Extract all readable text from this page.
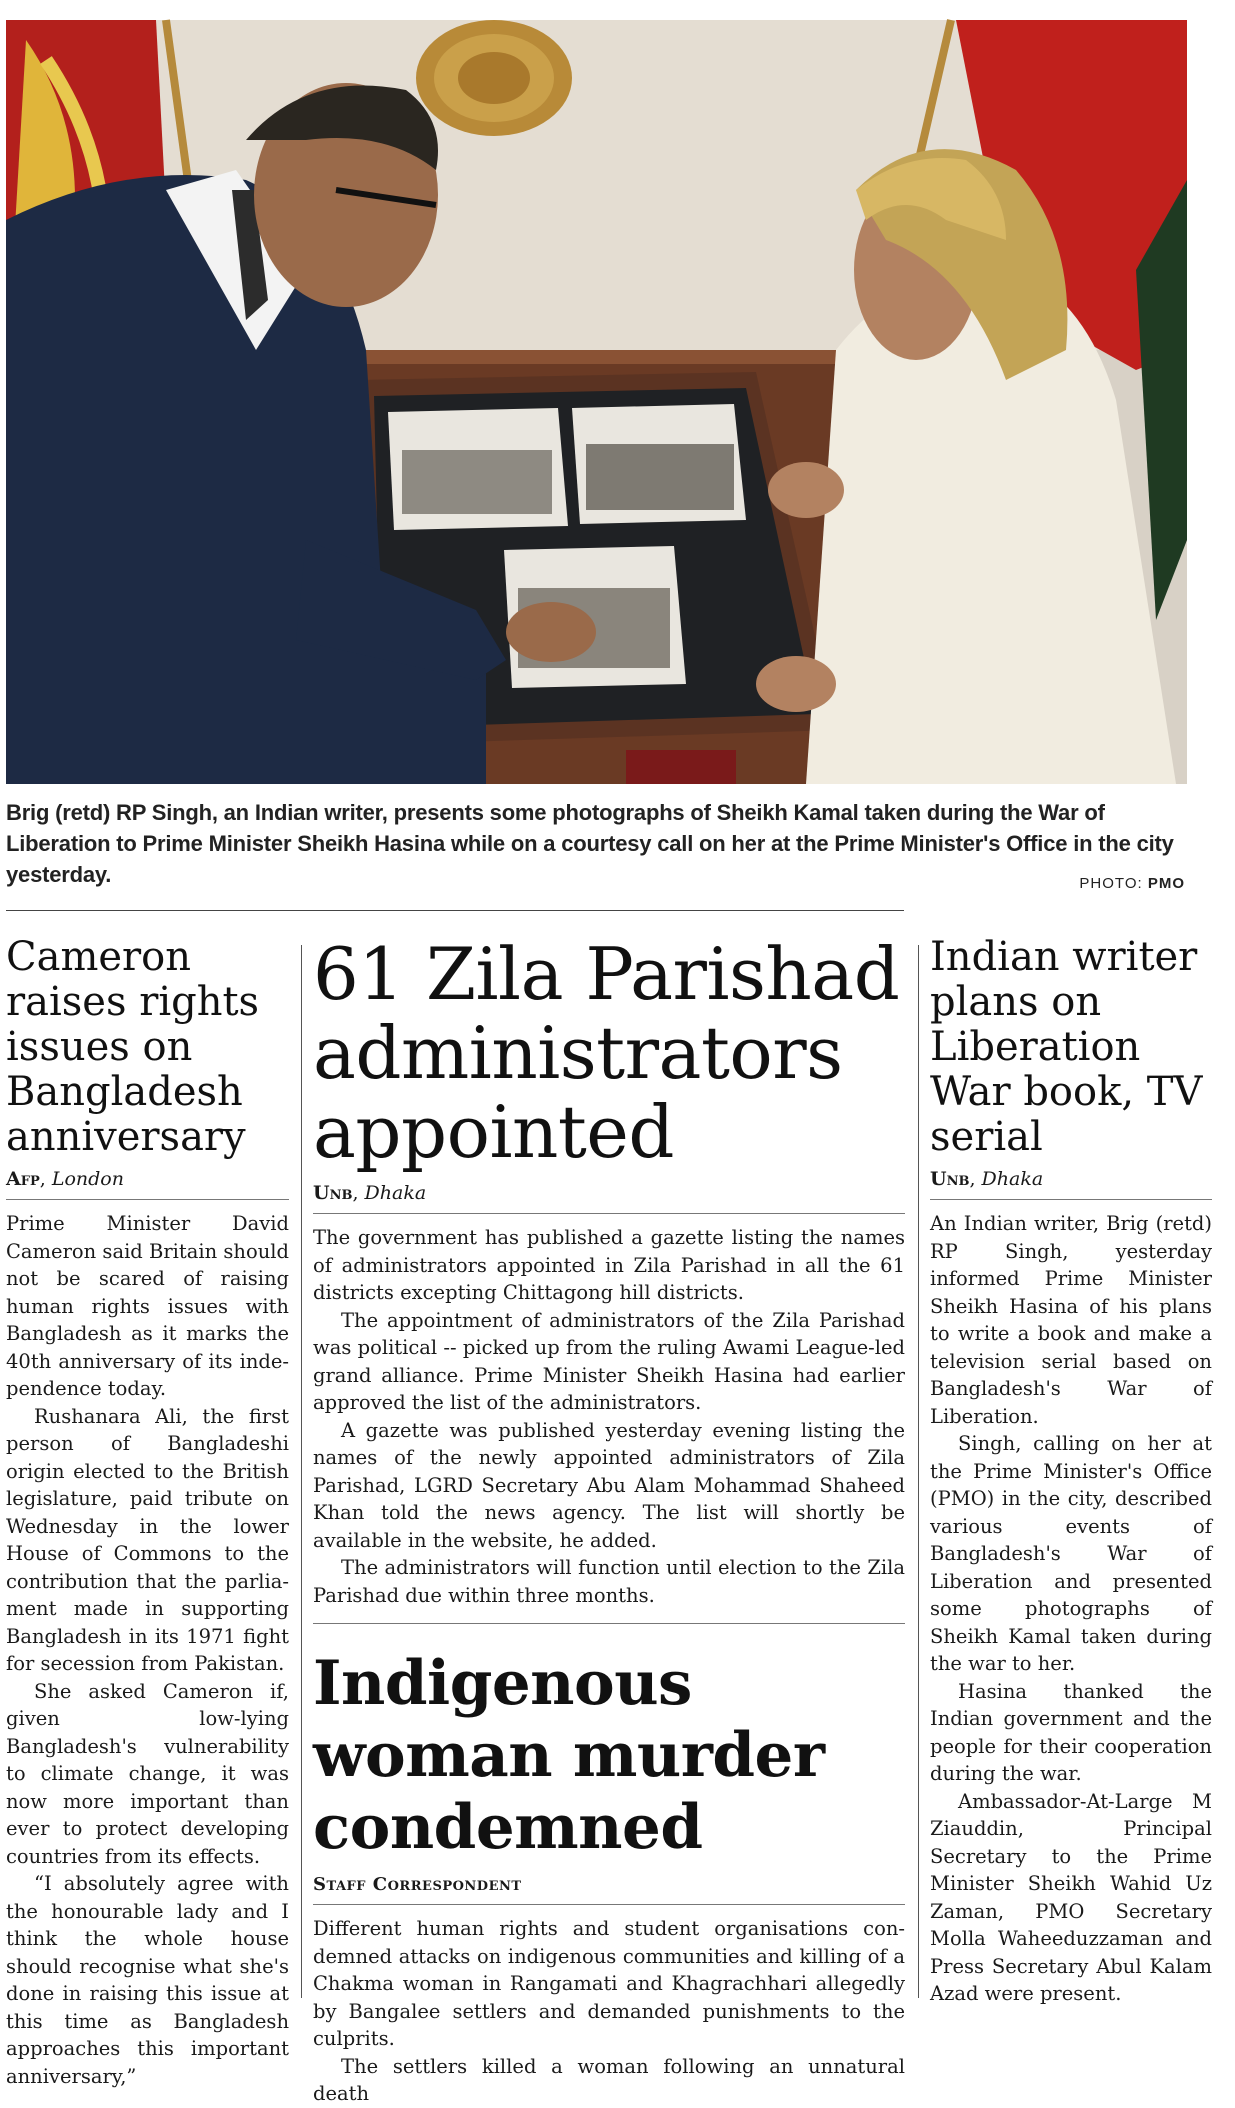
Brig (retd) RP Singh, an Indian writer, presents some photographs of Sheikh Kamal taken during the War of Liberation to Prime Minister Sheikh Hasina while on a courtesy call on her at the Prime Minister's Office in the city yesterday.	PHOTO: PMO
Cameron raises rights issues on Bangladesh anniversary
Afp, London

Prime Minister David Cameron said Britain should not be scared of raising human rights issues with Bangladesh as it marks the 40th anniversary of its independence today.

Rushanara Ali, the first person of Bangladeshi origin elected to the British legislature, paid tribute on Wednesday in the lower House of Commons to the contribution that the parliament made in supporting Bangladesh in its 1971 fight for secession from Pakistan.

She asked Cameron if, given low-lying Bangladesh's vulnerability to climate change, it was now more important than ever to protect developing countries from its effects.

“I absolutely agree with the honourable lady and I think the whole house should recognise what she's done in raising this issue at this time as Bangladesh approaches this important anniversary,”

61 Zila Parishad administrators appointed
Unb, Dhaka

The government has published a gazette listing the names of administrators appointed in Zila Parishad in all the 61 districts excepting Chittagong hill districts.

The appointment of administrators of the Zila Parishad was political -- picked up from the ruling Awami League-led grand alliance. Prime Minister Sheikh Hasina had earlier approved the list of the administrators.

A gazette was published yesterday evening listing the names of the newly appointed administrators of Zila Parishad, LGRD Secretary Abu Alam Mohammad Shaheed Khan told the news agency. The list will shortly be available in the website, he added.

The administrators will function until election to the Zila Parishad due within three months.

Indigenous woman murder condemned
Staff Correspondent

Different human rights and student organisations condemned attacks on indigenous communities and killing of a Chakma woman in Rangamati and Khagrachhari allegedly by Bangalee settlers and demanded punishments to the culprits.

The settlers killed a woman following an unnatural death

Indian writer plans on Liberation War book, TV serial
Unb, Dhaka

An Indian writer, Brig (retd) RP Singh, yesterday informed Prime Minister Sheikh Hasina of his plans to write a book and make a television serial based on Bangladesh's War of Liberation.

Singh, calling on her at the Prime Minister's Office (PMO) in the city, described various events of Bangladesh's War of Liberation and presented some photographs of Sheikh Kamal taken during the war to her.

Hasina thanked the Indian government and the people for their cooperation during the war.

Ambassador-At-Large M Ziauddin, Principal Secretary to the Prime Minister Sheikh Wahid Uz Zaman, PMO Secretary Molla Waheeduzzaman and Press Secretary Abul Kalam Azad were present.
